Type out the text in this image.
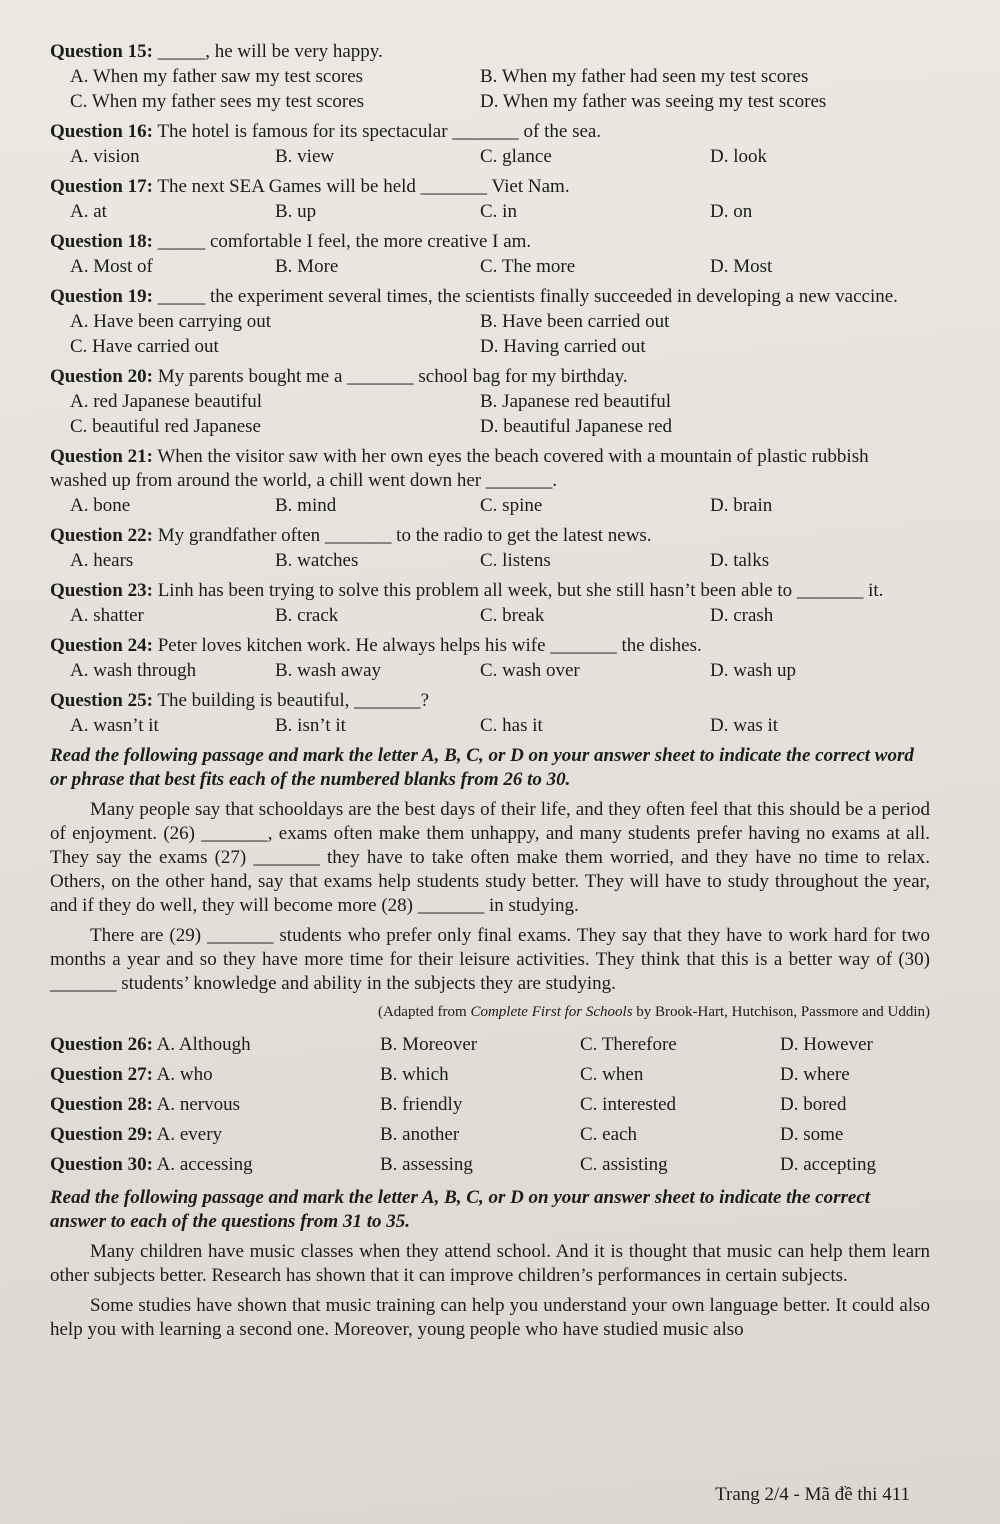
Question 15: _____, he will be very happy.
A. When my father saw my test scores	B. When my father had seen my test scores
C. When my father sees my test scores	D. When my father was seeing my test scores
Question 16: The hotel is famous for its spectacular _______ of the sea.
A. vision	B. view	C. glance	D. look
Question 17: The next SEA Games will be held _______ Viet Nam.
A. at	B. up	C. in	D. on
Question 18: _____ comfortable I feel, the more creative I am.
A. Most of	B. More	C. The more	D. Most
Question 19: _____ the experiment several times, the scientists finally succeeded in developing a new vaccine.
A. Have been carrying out	B. Have been carried out
C. Have carried out	D. Having carried out
Question 20: My parents bought me a _______ school bag for my birthday.
A. red Japanese beautiful	B. Japanese red beautiful
C. beautiful red Japanese	D. beautiful Japanese red
Question 21: When the visitor saw with her own eyes the beach covered with a mountain of plastic rubbish washed up from around the world, a chill went down her _______.
A. bone	B. mind	C. spine	D. brain
Question 22: My grandfather often _______ to the radio to get the latest news.
A. hears	B. watches	C. listens	D. talks
Question 23: Linh has been trying to solve this problem all week, but she still hasn’t been able to _______ it.
A. shatter	B. crack	C. break	D. crash
Question 24: Peter loves kitchen work. He always helps his wife _______ the dishes.
A. wash through	B. wash away	C. wash over	D. wash up
Question 25: The building is beautiful, _______?
A. wasn’t it	B. isn’t it	C. has it	D. was it
Read the following passage and mark the letter A, B, C, or D on your answer sheet to indicate the correct word or phrase that best fits each of the numbered blanks from 26 to 30.

Many people say that schooldays are the best days of their life, and they often feel that this should be a period of enjoyment. (26) _______, exams often make them unhappy, and many students prefer having no exams at all. They say the exams (27) _______ they have to take often make them worried, and they have no time to relax. Others, on the other hand, say that exams help students study better. They will have to study throughout the year, and if they do well, they will become more (28) _______ in studying.

There are (29) _______ students who prefer only final exams. They say that they have to work hard for two months a year and so they have more time for their leisure activities. They think that this is a better way of (30) _______ students’ knowledge and ability in the subjects they are studying.

(Adapted from Complete First for Schools by Brook-Hart, Hutchison, Passmore and Uddin)
Question 26: A. Although	B. Moreover	C. Therefore	D. However
Question 27: A. who	B. which	C. when	D. where
Question 28: A. nervous	B. friendly	C. interested	D. bored
Question 29: A. every	B. another	C. each	D. some
Question 30: A. accessing	B. assessing	C. assisting	D. accepting
Read the following passage and mark the letter A, B, C, or D on your answer sheet to indicate the correct answer to each of the questions from 31 to 35.

Many children have music classes when they attend school. And it is thought that music can help them learn other subjects better. Research has shown that it can improve children’s performances in certain subjects.

Some studies have shown that music training can help you understand your own language better. It could also help you with learning a second one. Moreover, young people who have studied music also

Trang 2/4 - Mã đề thi 411
